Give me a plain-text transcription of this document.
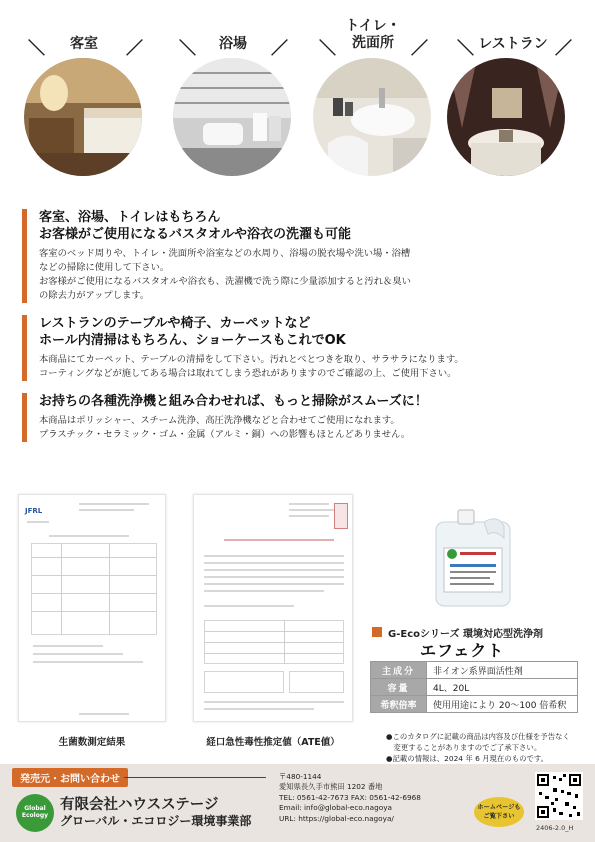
＼	客室	／ ＼	浴場	／ ＼
トイレ・
洗面所	／ ＼ レストラン ／
客室、浴場、トイレはもちろん
お客様がご使用になるバスタオルや浴衣の洗濯も可能

客室のベッド周りや、トイレ・洗面所や浴室などの水周り、浴場の脱衣場や洗い場・浴槽

などの掃除に使用して下さい。

お客様がご使用になるバスタオルや浴衣も、洗濯機で洗う際に少量添加すると汚れ＆臭い

の除去力がアップします。

レストランのテーブルや椅子、カーペットなど
ホール内清掃はもちろん、ショーケースもこれでOK

本商品にてカーペット、テーブルの清掃をして下さい。汚れとべとつきを取り、サラサラになります。

コーティングなどが施してある場合は取れてしまう恐れがありますのでご確認の上、ご使用下さい。

お持ちの各種洗浄機と組み合わせれば、もっと掃除がスムーズに！

本商品はポリッシャー、スチーム洗浄、高圧洗浄機などと合わせてご使用になれます。

プラスチック・セラミック・ゴム・金属（アルミ・銅）への影響もほとんどありません。

JFRL
生菌数測定結果	経口急性毒性推定値（ATE値）
G-Ecoシリーズ 環境対応型洗浄剤
エフェクト
主成分	非イオン系界面活性剤
容量	4L、20L
希釈倍率	使用用途により 20〜100 倍希釈
●このカタログに記載の商品は内容及び仕様を予告なく
　変更することがありますのでご了承下さい。
●記載の情報は、2024 年 6 月現在のものです。
発売元・お問い合わせ
Global Ecology
有限会社ハウスステージ
グローバル・エコロジー環境事業部
〒480-1144
愛知県長久手市熊田 1202 番地
TEL: 0561-42-7673 FAX: 0561-42-6968
Email: info@global-eco.nagoya
URL: https://global-eco.nagoya/
ホームページも
ご覧下さい
2406-2.0_H
